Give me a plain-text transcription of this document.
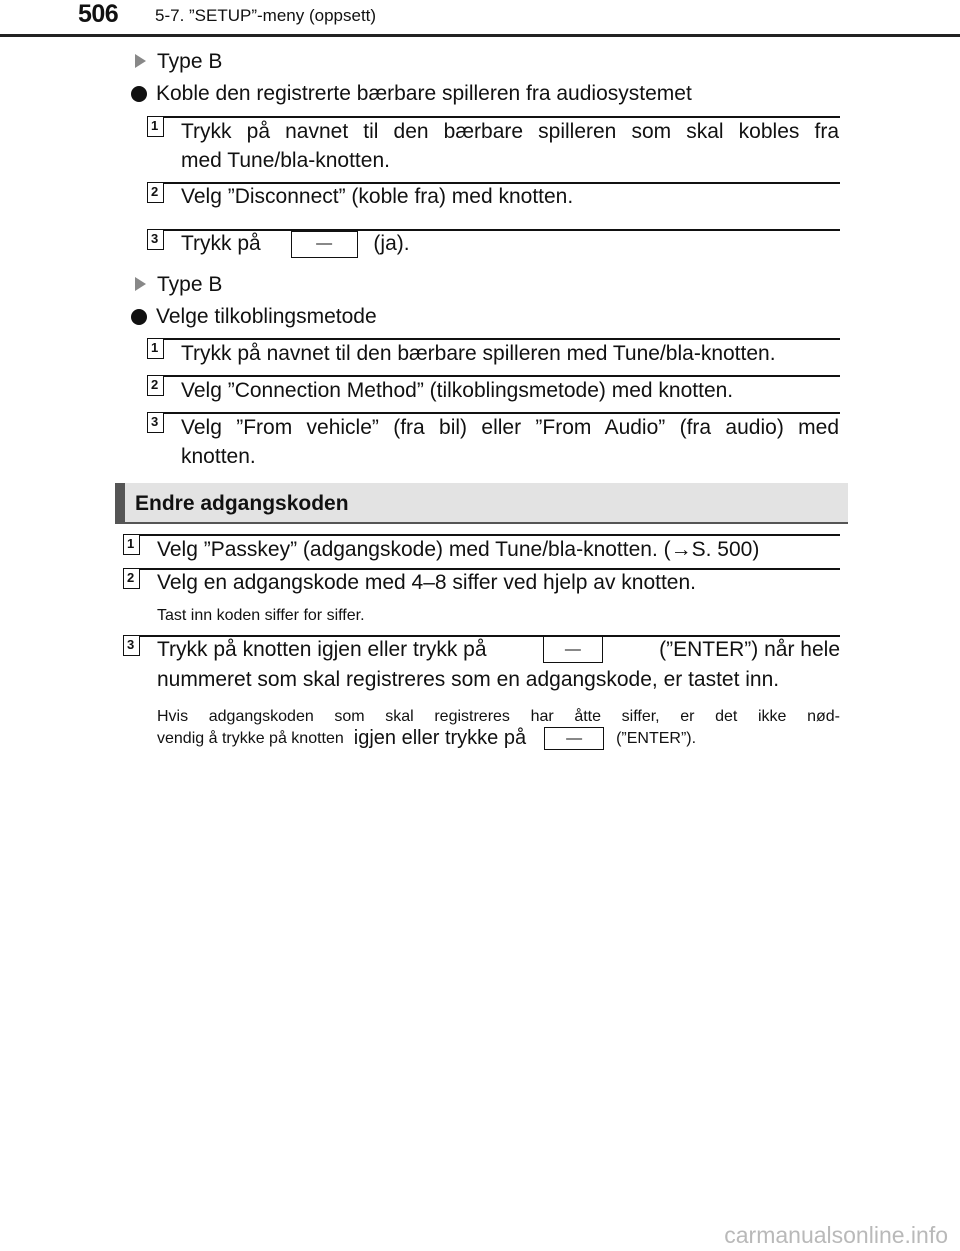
506 5-7. ”SETUP”-meny (oppsett)
Type B
Koble den registrerte bærbare spilleren fra audiosystemet
1 Trykk på navnet til den bærbare spilleren som skal kobles fra
med Tune/bla-knotten.
2 Velg ”Disconnect” (koble fra) med knotten.
3 Trykk på	— (ja).
Type B
Velge tilkoblingsmetode
1 Trykk på navnet til den bærbare spilleren med Tune/bla-knotten.
2 Velg ”Connection Method” (tilkoblingsmetode) med knotten.
3 Velg ”From vehicle” (fra bil) eller ”From Audio” (fra audio) med
knotten.
Endre adgangskoden
1 Velg ”Passkey” (adgangskode) med Tune/bla-knotten. (→S. 500)
2 Velg en adgangskode med 4–8 siffer ved hjelp av knotten.
Tast inn koden siffer for siffer.
3 Trykk på knotten igjen eller trykk på	—	(”ENTER”) når hele
nummeret som skal registreres som en adgangskode, er tastet inn.
Hvis adgangskoden som skal registreres har åtte siffer, er det ikke nød-
vendig å trykke på knotten igjen eller trykke på	— (”ENTER”).
carmanualsonline.info
